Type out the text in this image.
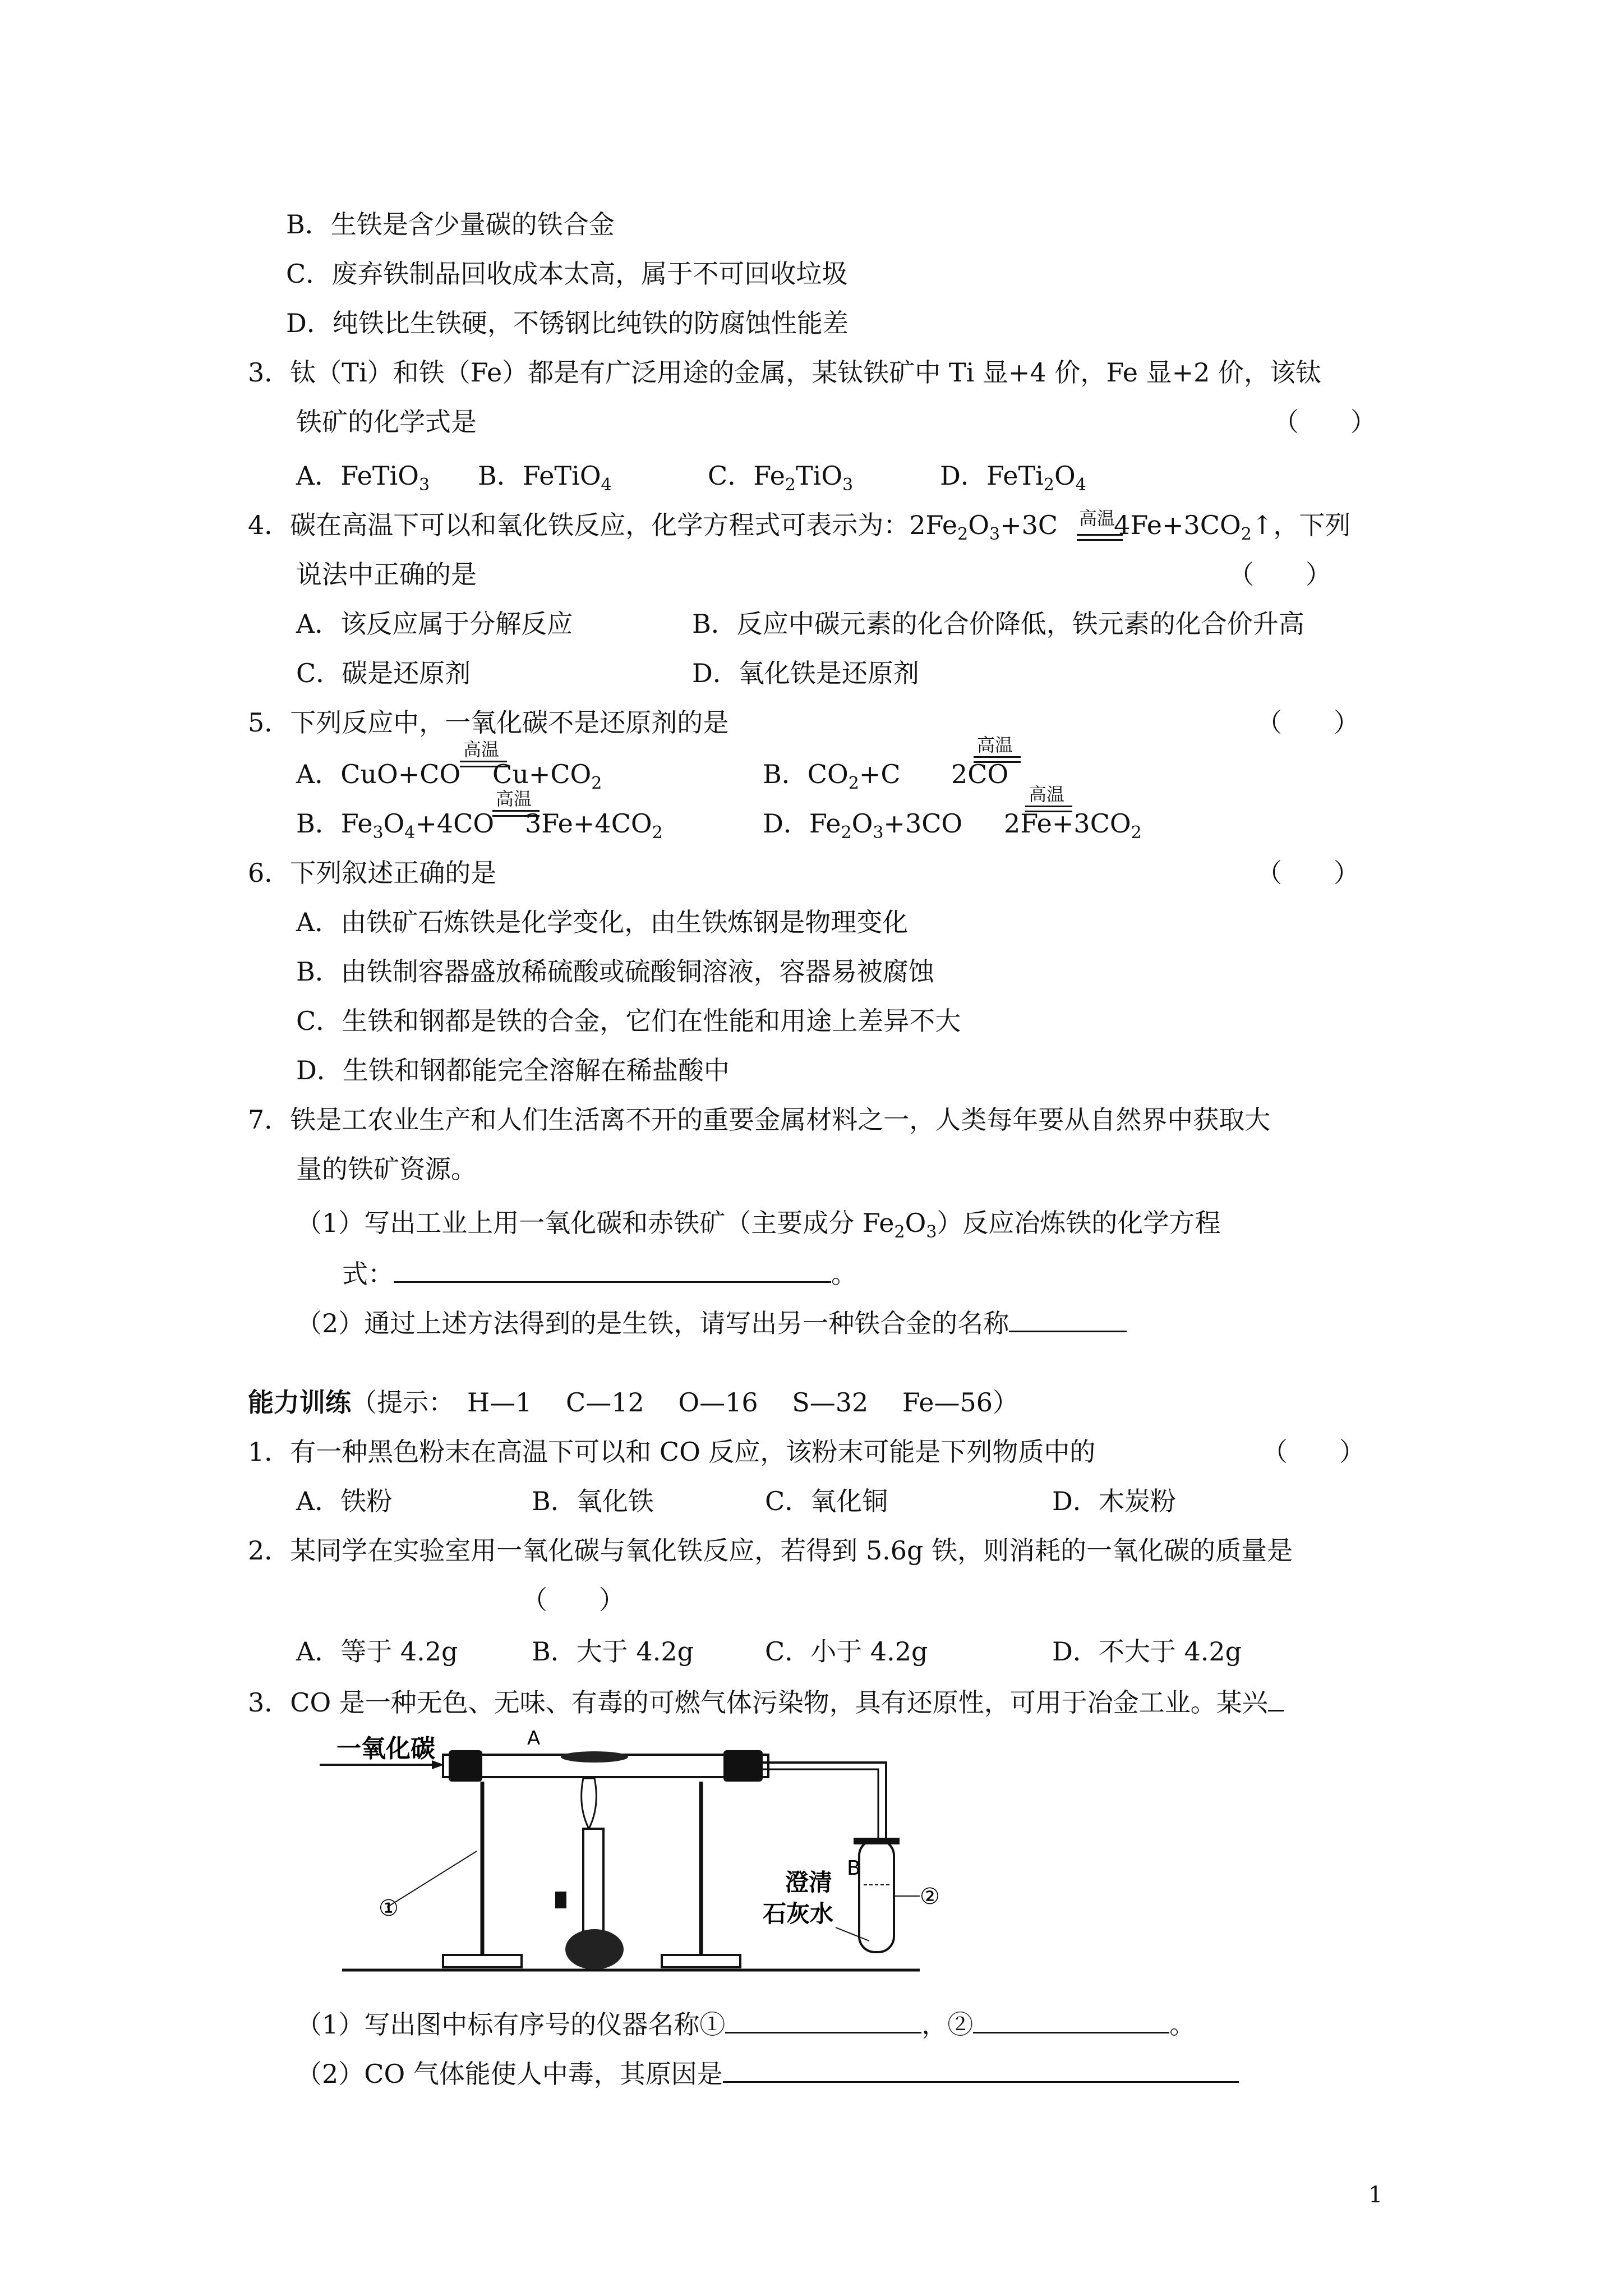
B．生铁是含少量碳的铁合金
C．废弃铁制品回收成本太高，属于不可回收垃圾
D．纯铁比生铁硬，不锈钢比纯铁的防腐蚀性能差
3．钛（Ti）和铁（Fe）都是有广泛用途的金属，某钛铁矿中 Ti 显+4 价，Fe 显+2 价，该钛
铁矿的化学式是	（　　）
A．FeTiO$_3$ B．FeTiO$_4$	C．$Fe_2TiO_3$	D．$FeTi_2O_4$
4．碳在高温下可以和氧化铁反应，化学方程式可表示为：$2Fe_2O_3+3C$ $4Fe+3CO_2↑$，下列
高温
说法中正确的是	（　　）
A．该反应属于分解反应	B．反应中碳元素的化合价降低，铁元素的化合价升高
C．碳是还原剂	D．氧化铁是还原剂
5．下列反应中，一氧化碳不是还原剂的是	（　　）
A．CuO+CO
高温
$Cu+CO_2$	B．$CO_2+C$
高温
2CO
B．$Fe_3O_4+4CO$
高温
$3Fe+4CO_2$	D．$Fe_2O_3+3CO$
高温
$2Fe+3CO_2$
6．下列叙述正确的是	（　　）
A．由铁矿石炼铁是化学变化，由生铁炼钢是物理变化
B．由铁制容器盛放稀硫酸或硫酸铜溶液，容器易被腐蚀
C．生铁和钢都是铁的合金，它们在性能和用途上差异不大
D．生铁和钢都能完全溶解在稀盐酸中
7．铁是工农业生产和人们生活离不开的重要金属材料之一，人类每年要从自然界中获取大
量的铁矿资源。
（1）写出工业上用一氧化碳和赤铁矿（主要成分 $Fe_2O_3$）反应冶炼铁的化学方程
式：	。
（2）通过上述方法得到的是生铁，请写出另一种铁合金的名称
能力训练（提示：　H—1　 C—12　 O—16　 S—32　 Fe—56）
1．有一种黑色粉末在高温下可以和 CO 反应，该粉末可能是下列物质中的	（　　）
A．铁粉	B．氧化铁	C．氧化铜	D．木炭粉
2．某同学在实验室用一氧化碳与氧化铁反应，若得到 5.6g 铁，则消耗的一氧化碳的质量是
（　　）
A．等于 4.2g	B．大于 4.2g	C．小于 4.2g	D．不大于 4.2g
3．CO 是一种无色、无味、有毒的可燃气体污染物，具有还原性，可用于冶金工业。某兴
一氧化碳	A
①
B
澄清
石灰水
②
（1）写出图中标有序号的仪器名称①	，②	。
（2）CO 气体能使人中毒，其原因是
1
